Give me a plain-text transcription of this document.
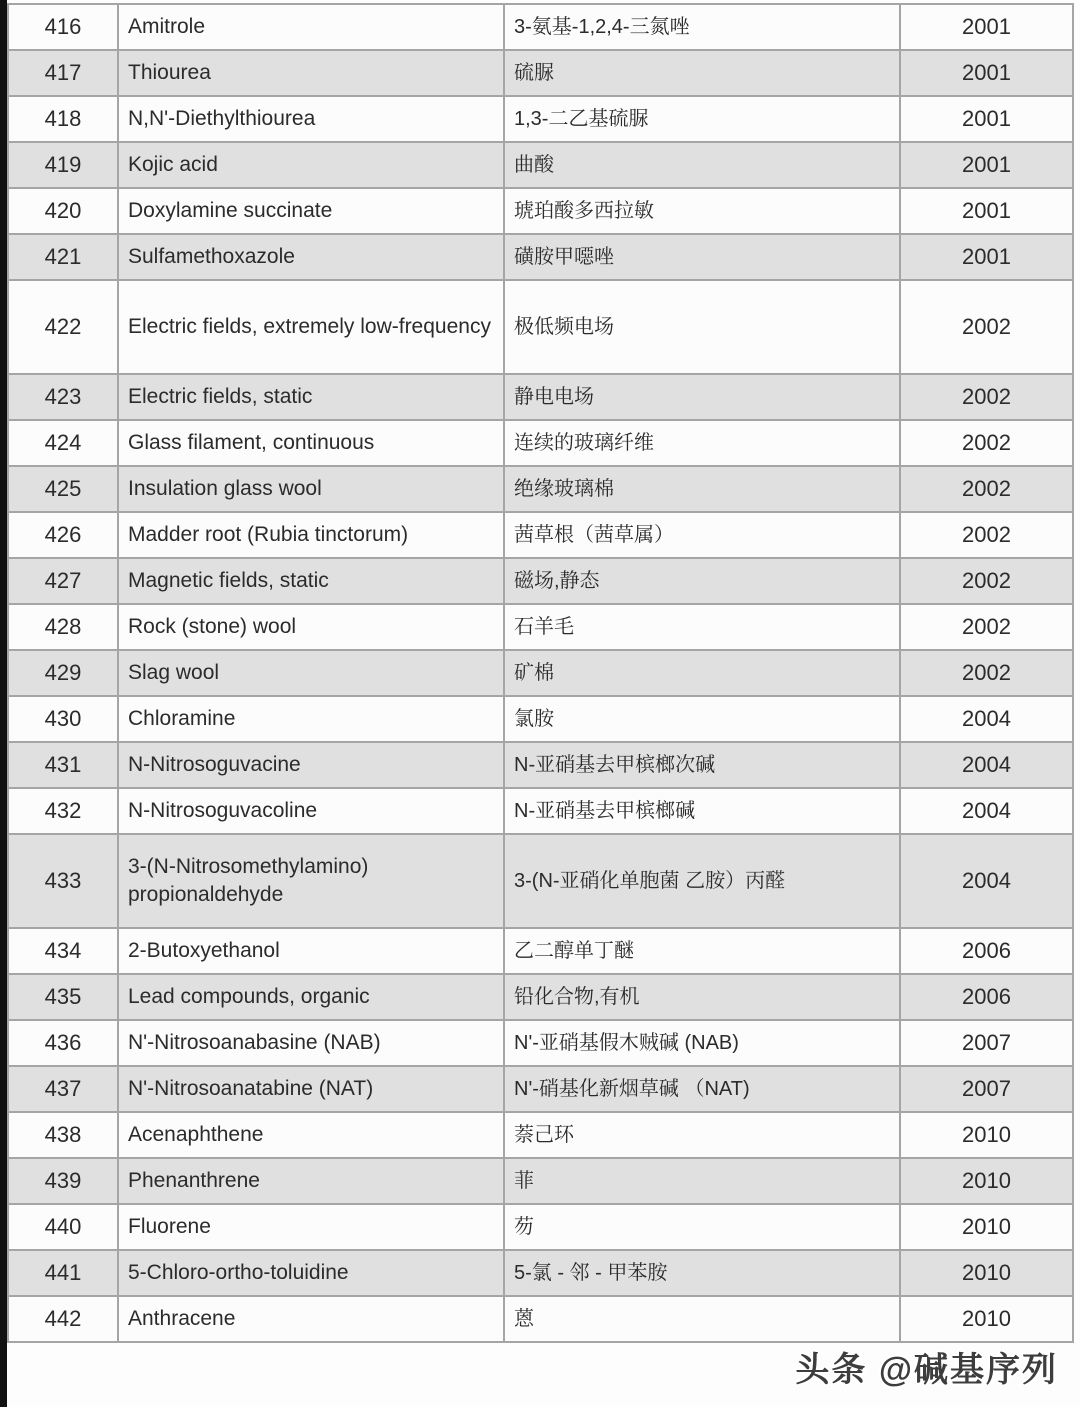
416	Amitrole	3-氨基-1,2,4-三氮唑	2001
417	Thiourea	硫脲	2001
418	N,N'-Diethylthiourea	1,3-二乙基硫脲	2001
419	Kojic acid	曲酸	2001
420	Doxylamine succinate	琥珀酸多西拉敏	2001
421	Sulfamethoxazole	磺胺甲噁唑	2001
422	Electric fields, extremely low-frequency	极低频电场	2002
423	Electric fields, static	静电电场	2002
424	Glass filament, continuous	连续的玻璃纤维	2002
425	Insulation glass wool	绝缘玻璃棉	2002
426	Madder root (Rubia tinctorum)	茜草根（茜草属）	2002
427	Magnetic fields, static	磁场,静态	2002
428	Rock (stone) wool	石羊毛	2002
429	Slag wool	矿棉	2002
430	Chloramine	氯胺	2004
431	N-Nitrosoguvacine	N-亚硝基去甲槟榔次碱	2004
432	N-Nitrosoguvacoline	N-亚硝基去甲槟榔碱	2004
433	3-(N-Nitrosomethylamino) propionaldehyde	3-(N-亚硝化单胞菌 乙胺）丙醛	2004
434	2-Butoxyethanol	乙二醇单丁醚	2006
435	Lead compounds, organic	铅化合物,有机	2006
436	N'-Nitrosoanabasine (NAB)	N'-亚硝基假木贼碱 (NAB)	2007
437	N'-Nitrosoanatabine (NAT)	N'-硝基化新烟草碱 （NAT)	2007
438	Acenaphthene	萘己环	2010
439	Phenanthrene	菲	2010
440	Fluorene	芴	2010
441	5-Chloro-ortho-toluidine	5-氯 - 邻 - 甲苯胺	2010
442	Anthracene	蒽	2010
头条 @碱基序列
